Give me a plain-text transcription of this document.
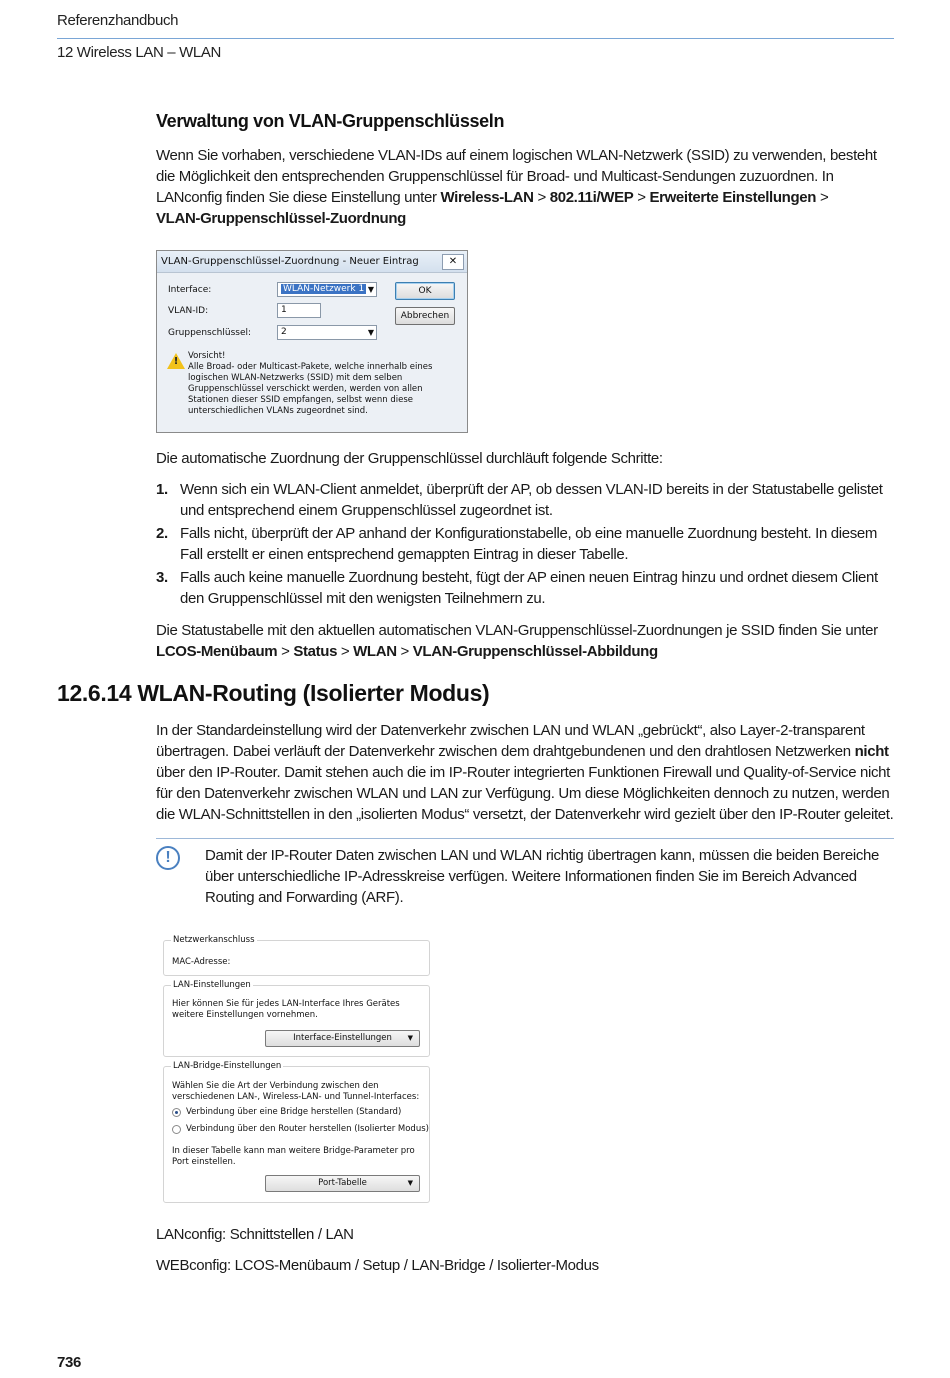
Referenzhandbuch
12 Wireless LAN – WLAN
Verwaltung von VLAN-Gruppenschlüsseln
Wenn Sie vorhaben, verschiedene VLAN-IDs auf einem logischen WLAN-Netzwerk (SSID) zu verwenden, besteht die Möglichkeit den entsprechenden Gruppenschlüssel für Broad- und Multicast-Sendungen zuzuordnen. In LANconfig finden Sie diese Einstellung unter Wireless-LAN > 802.11i/WEP > Erweiterte Einstellungen >
VLAN-Gruppenschlüssel-Zuordnung
VLAN-Gruppenschlüssel-Zuordnung - Neuer Eintrag	✕
Interface:	WLAN-Netzwerk 1 ▼
VLAN-ID:	1
Gruppenschlüssel:	2	▼
OK
Abbrechen
! Vorsicht!
Alle Broad- oder Multicast-Pakete, welche innerhalb eines logischen WLAN-Netzwerks (SSID) mit dem selben Gruppenschlüssel verschickt werden, werden von allen Stationen dieser SSID empfangen, selbst wenn diese unterschiedlichen VLANs zugeordnet sind.
Die automatische Zuordnung der Gruppenschlüssel durchläuft folgende Schritte:
1. Wenn sich ein WLAN-Client anmeldet, überprüft der AP, ob dessen VLAN-ID bereits in der Statustabelle gelistet und entsprechend einem Gruppenschlüssel zugeordnet ist.
2. Falls nicht, überprüft der AP anhand der Konfigurationstabelle, ob eine manuelle Zuordnung besteht. In diesem Fall erstellt er einen entsprechend gemappten Eintrag in dieser Tabelle.
3. Falls auch keine manuelle Zuordnung besteht, fügt der AP einen neuen Eintrag hinzu und ordnet diesem Client den Gruppenschlüssel mit den wenigsten Teilnehmern zu.
Die Statustabelle mit den aktuellen automatischen VLAN-Gruppenschlüssel-Zuordnungen je SSID finden Sie unter
LCOS-Menübaum > Status > WLAN > VLAN-Gruppenschlüssel-Abbildung
12.6.14 WLAN-Routing (Isolierter Modus)
In der Standardeinstellung wird der Datenverkehr zwischen LAN und WLAN „gebrückt“, also Layer-2-transparent übertragen. Dabei verläuft der Datenverkehr zwischen dem drahtgebundenen und den drahtlosen Netzwerken nicht über den IP-Router. Damit stehen auch die im IP-Router integrierten Funktionen Firewall und Quality-of-Service nicht für den Datenverkehr zwischen WLAN und LAN zur Verfügung. Um diese Möglichkeiten dennoch zu nutzen, werden die WLAN-Schnittstellen in den „isolierten Modus“ versetzt, der Datenverkehr wird gezielt über den IP-Router geleitet.
!	Damit der IP-Router Daten zwischen LAN und WLAN richtig übertragen kann, müssen die beiden Bereiche über unterschiedliche IP-Adresskreise verfügen. Weitere Informationen finden Sie im Bereich Advanced Routing and Forwarding (ARF).
Netzwerkanschluss
MAC-Adresse:
LAN-Einstellungen
Hier können Sie für jedes LAN-Interface Ihres Gerätes weitere Einstellungen vornehmen.
Interface-Einstellungen ▼
LAN-Bridge-Einstellungen
Wählen Sie die Art der Verbindung zwischen den verschiedenen LAN-, Wireless-LAN- und Tunnel-Interfaces:
Verbindung über eine Bridge herstellen (Standard)
Verbindung über den Router herstellen (Isolierter Modus)
In dieser Tabelle kann man weitere Bridge-Parameter pro Port einstellen.
Port-Tabelle	▼
LANconfig: Schnittstellen / LAN
WEBconfig: LCOS-Menübaum / Setup / LAN-Bridge / Isolierter-Modus
736
